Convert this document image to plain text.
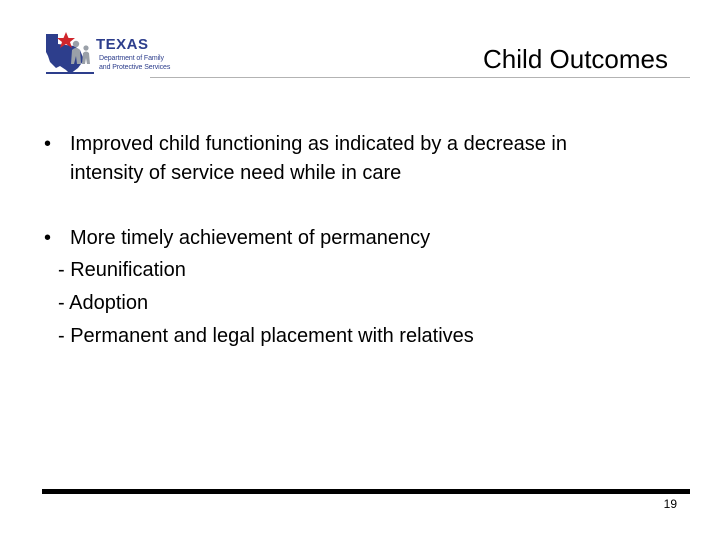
TEXAS
Department of Family
and Protective Services	Child Outcomes
• Improved child functioning as indicated by a decrease in
intensity of service need while in care
• More timely achievement of permanency
- Reunification
- Adoption
- Permanent and legal placement with relatives
19
